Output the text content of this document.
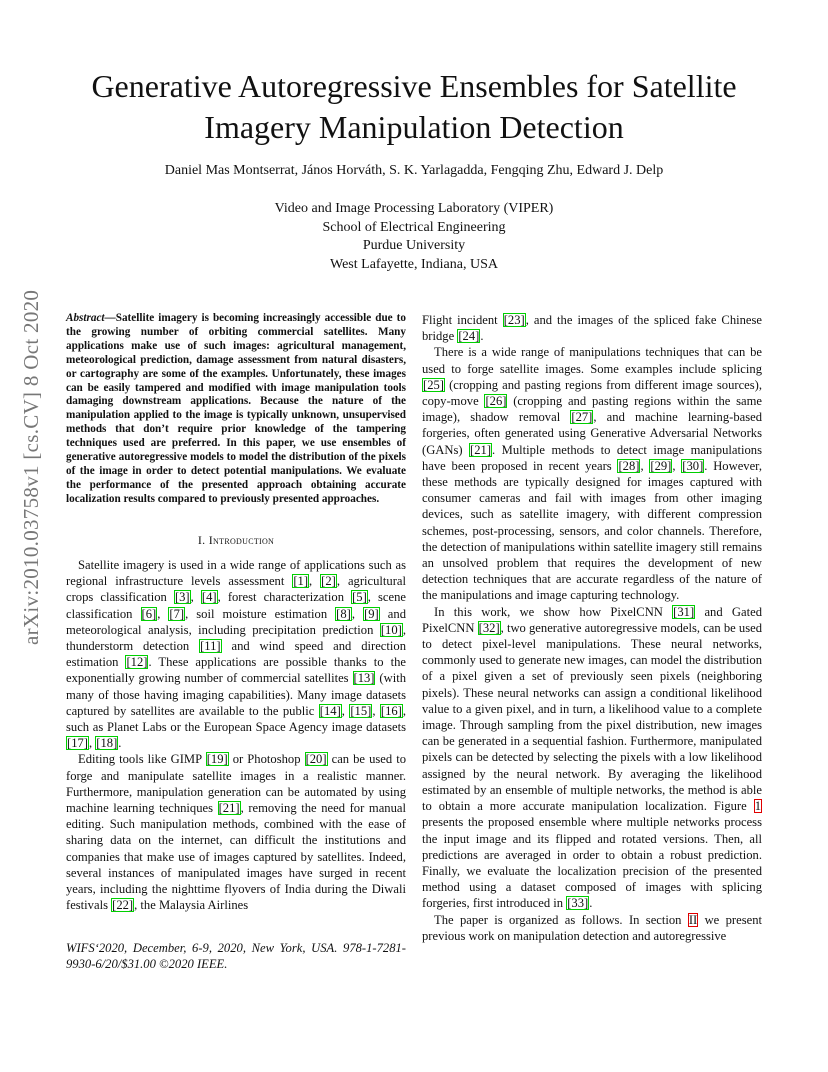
Generative Autoregressive Ensembles for Satellite Imagery Manipulation Detection
Daniel Mas Montserrat, János Horváth, S. K. Yarlagadda, Fengqing Zhu, Edward J. Delp
Video and Image Processing Laboratory (VIPER)
School of Electrical Engineering
Purdue University
West Lafayette, Indiana, USA
arXiv:2010.03758v1 [cs.CV] 8 Oct 2020 Abstract—Satellite imagery is becoming increasingly accessible due to the growing number of orbiting commercial satellites. Many applications make use of such images: agricultural management, meteorological prediction, damage assessment from natural disasters, or cartography are some of the examples. Unfortunately, these images can be easily tampered and modified with image manipulation tools damaging downstream applications. Because the nature of the manipulation applied to the image is typically unknown, unsupervised methods that don’t require prior knowledge of the tampering techniques used are preferred. In this paper, we use ensembles of generative autoregressive models to model the distribution of the pixels of the image in order to detect potential manipulations. We evaluate the performance of the presented approach obtaining accurate localization results compared to previously presented approaches.

I. Introduction

Satellite imagery is used in a wide range of applications such as regional infrastructure levels assessment [1], [2], agricultural crops classification [3], [4], forest characterization [5], scene classification [6], [7], soil moisture estimation [8], [9] and meteorological analysis, including precipitation prediction [10], thunderstorm detection [11] and wind speed and direction estimation [12]. These applications are possible thanks to the exponentially growing number of commercial satellites [13] (with many of those having imaging capabilities). Many image datasets captured by satellites are available to the public [14], [15], [16], such as Planet Labs or the European Space Agency image datasets [17], [18].

Editing tools like GIMP [19] or Photoshop [20] can be used to forge and manipulate satellite images in a realistic manner. Furthermore, manipulation generation can be automated by using machine learning techniques [21], removing the need for manual editing. Such manipulation methods, combined with the ease of sharing data on the internet, can difficult the institutions and companies that make use of images captured by satellites. Indeed, several instances of manipulated images have surged in recent years, including the nighttime flyovers of India during the Diwali festivals [22], the Malaysia Airlines

WIFS‘2020, December, 6-9, 2020, New York, USA. 978-1-7281-9930-6/20/$31.00 ©2020 IEEE.

Flight incident [23], and the images of the spliced fake Chinese bridge [24].

There is a wide range of manipulations techniques that can be used to forge satellite images. Some examples include splicing [25] (cropping and pasting regions from different image sources), copy-move [26] (cropping and pasting regions within the same image), shadow removal [27], and machine learning-based forgeries, often generated using Generative Adversarial Networks (GANs) [21]. Multiple methods to detect image manipulations have been proposed in recent years [28], [29], [30]. However, these methods are typically designed for images captured with consumer cameras and fail with images from other imaging devices, such as satellite imagery, with different compression schemes, post-processing, sensors, and color channels. Therefore, the detection of manipulations within satellite imagery still remains an unsolved problem that requires the development of new detection techniques that are accurate regardless of the nature of the manipulations and image capturing technology.

In this work, we show how PixelCNN [31] and Gated PixelCNN [32], two generative autoregressive models, can be used to detect pixel-level manipulations. These neural networks, commonly used to generate new images, can model the distribution of a pixel given a set of previously seen pixels (neighboring pixels). These neural networks can assign a conditional likelihood value to a given pixel, and in turn, a likelihood value to a complete image. Through sampling from the pixel distribution, new images can be generated in a sequential fashion. Furthermore, manipulated pixels can be detected by selecting the pixels with a low likelihood assigned by the neural network. By averaging the likelihood estimated by an ensemble of multiple networks, the method is able to obtain a more accurate manipulation localization. Figure 1 presents the proposed ensemble where multiple networks process the input image and its flipped and rotated versions. Then, all predictions are averaged in order to obtain a robust prediction. Finally, we evaluate the localization precision of the presented method using a dataset composed of images with splicing forgeries, first introduced in [33].

The paper is organized as follows. In section II we present previous work on manipulation detection and autoregressive
